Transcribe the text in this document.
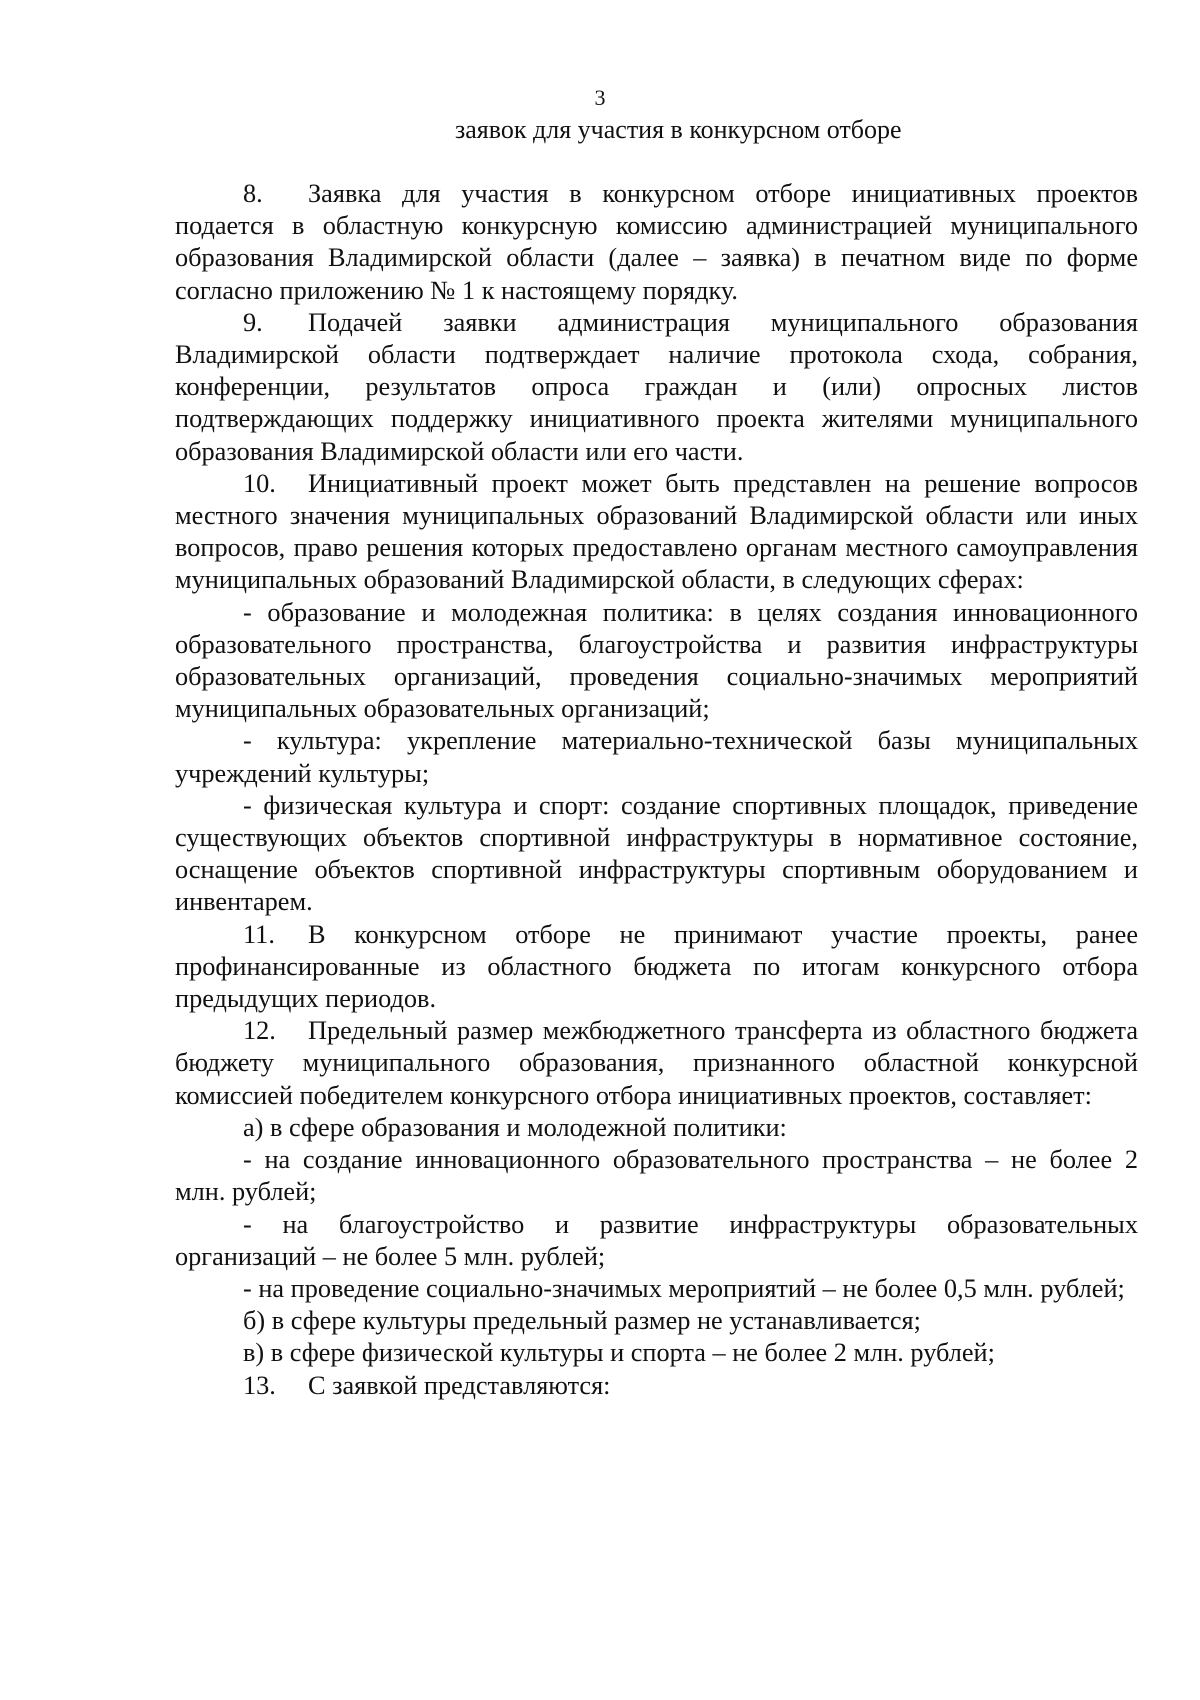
3
заявок для участия в конкурсном отборе

8. Заявка для участия в конкурсном отборе инициативных проектов подается в областную конкурсную комиссию администрацией муниципального образования Владимирской области (далее – заявка) в печатном виде по форме согласно приложению № 1 к настоящему порядку.

9. Подачей заявки администрация муниципального образования Владимирской области подтверждает наличие протокола схода, собрания, конференции, результатов опроса граждан и (или) опросных листов подтверждающих поддержку инициативного проекта жителями муниципального образования Владимирской области или его части.

10. Инициативный проект может быть представлен на решение вопросов местного значения муниципальных образований Владимирской области или иных вопросов, право решения которых предоставлено органам местного самоуправления муниципальных образований Владимирской области, в следующих сферах:

- образование и молодежная политика: в целях создания инновационного образовательного пространства, благоустройства и развития инфраструктуры образовательных организаций, проведения социально-значимых мероприятий муниципальных образовательных организаций;

- культура: укрепление материально-технической базы муниципальных учреждений культуры;

- физическая культура и спорт: создание спортивных площадок, приведение существующих объектов спортивной инфраструктуры в нормативное состояние, оснащение объектов спортивной инфраструктуры спортивным оборудованием и инвентарем.

11. В конкурсном отборе не принимают участие проекты, ранее профинансированные из областного бюджета по итогам конкурсного отбора предыдущих периодов.

12. Предельный размер межбюджетного трансферта из областного бюджета бюджету муниципального образования, признанного областной конкурсной комиссией победителем конкурсного отбора инициативных проектов, составляет:

а) в сфере образования и молодежной политики:

- на создание инновационного образовательного пространства – не более 2 млн. рублей;

- на благоустройство и развитие инфраструктуры образовательных организаций – не более 5 млн. рублей;

- на проведение социально-значимых мероприятий – не более 0,5 млн. рублей;

б) в сфере культуры предельный размер не устанавливается;

в) в сфере физической культуры и спорта – не более 2 млн. рублей;

13. С заявкой представляются:
